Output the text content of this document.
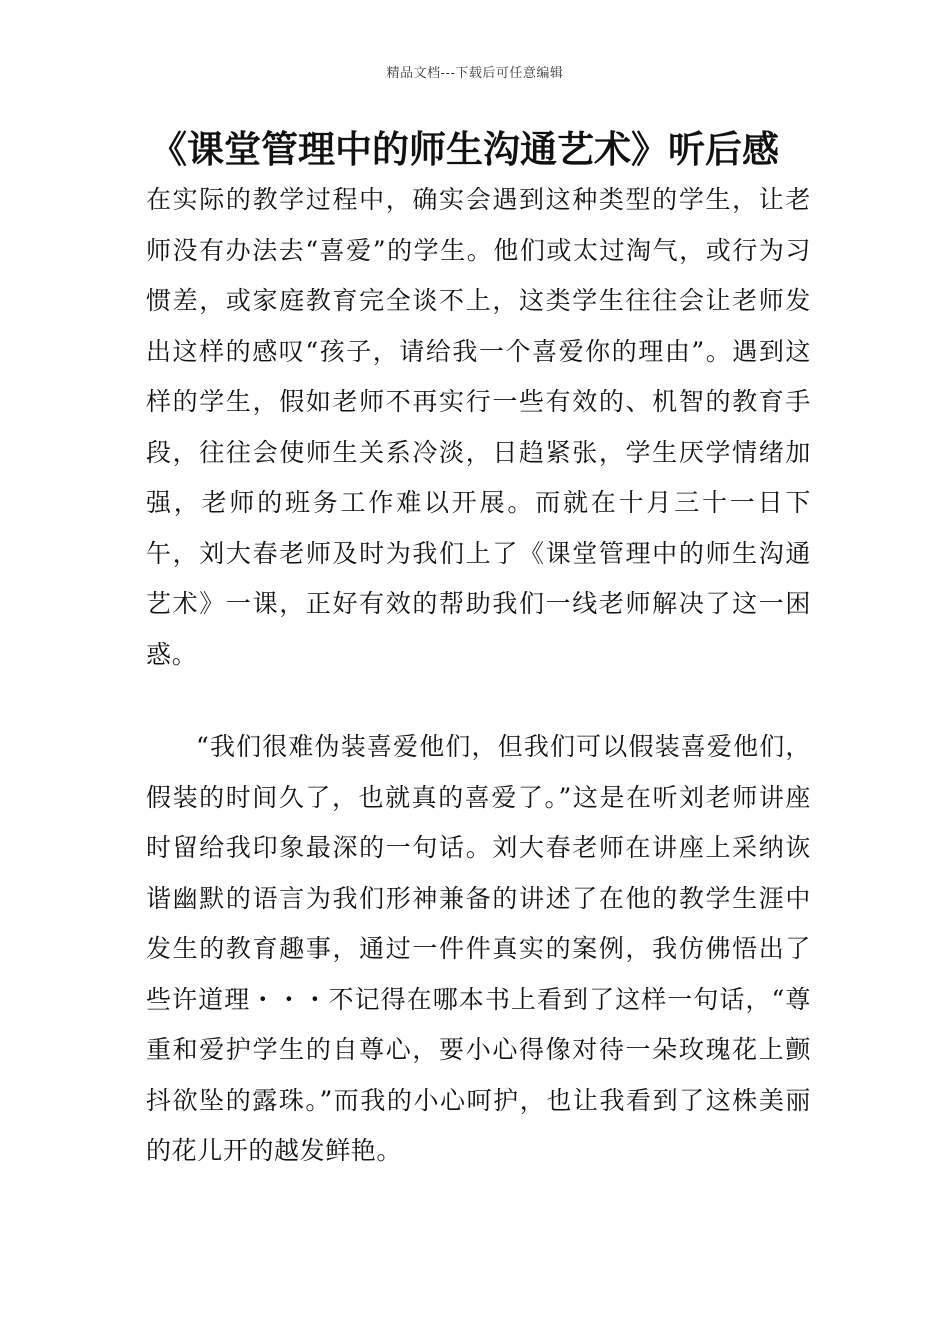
精品文档---下载后可任意编辑
《课堂管理中的师生沟通艺术》听后感

在实际的教学过程中，确实会遇到这种类型的学生，让老师没有办法去“喜爱”的学生。他们或太过淘气，或行为习惯差，或家庭教育完全谈不上，这类学生往往会让老师发出这样的感叹“孩子，请给我一个喜爱你的理由”。遇到这样的学生，假如老师不再实行一些有效的、机智的教育手段，往往会使师生关系冷淡，日趋紧张，学生厌学情绪加强，老师的班务工作难以开展。而就在十月三十一日下午，刘大春老师及时为我们上了《课堂管理中的师生沟通艺术》一课，正好有效的帮助我们一线老师解决了这一困惑。

“我们很难伪装喜爱他们，但我们可以假装喜爱他们，假装的时间久了，也就真的喜爱了。”这是在听刘老师讲座时留给我印象最深的一句话。刘大春老师在讲座上采纳诙谐幽默的语言为我们形神兼备的讲述了在他的教学生涯中发生的教育趣事，通过一件件真实的案例，我仿佛悟出了些许道理・・・不记得在哪本书上看到了这样一句话，“尊重和爱护学生的自尊心，要小心得像对待一朵玫瑰花上颤抖欲坠的露珠。”而我的小心呵护，也让我看到了这株美丽的花儿开的越发鲜艳。
